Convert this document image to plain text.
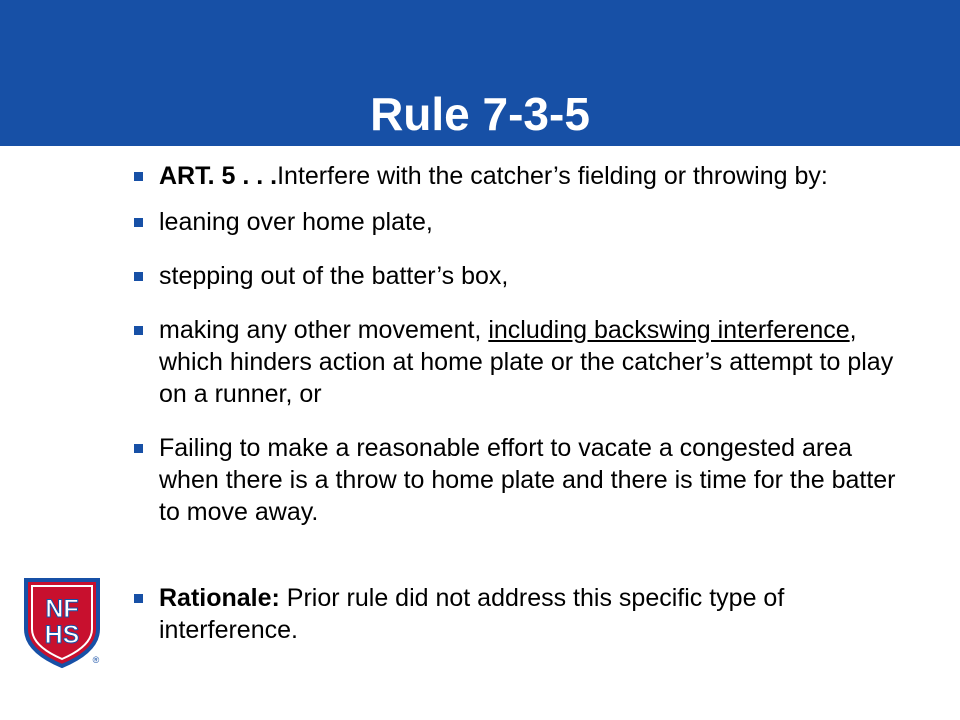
Rule 7-3-5
ART. 5 . . .Interfere with the catcher’s fielding or throwing by:
leaning over home plate,
stepping out of the batter’s box,
making any other movement, including backswing interference, which hinders action at home plate or the catcher’s attempt to play on a runner, or
Failing to make a reasonable effort to vacate a congested area when there is a throw to home plate and there is time for the batter to move away.
Rationale: Prior rule did not address this specific type of interference.
NF
HS
®
